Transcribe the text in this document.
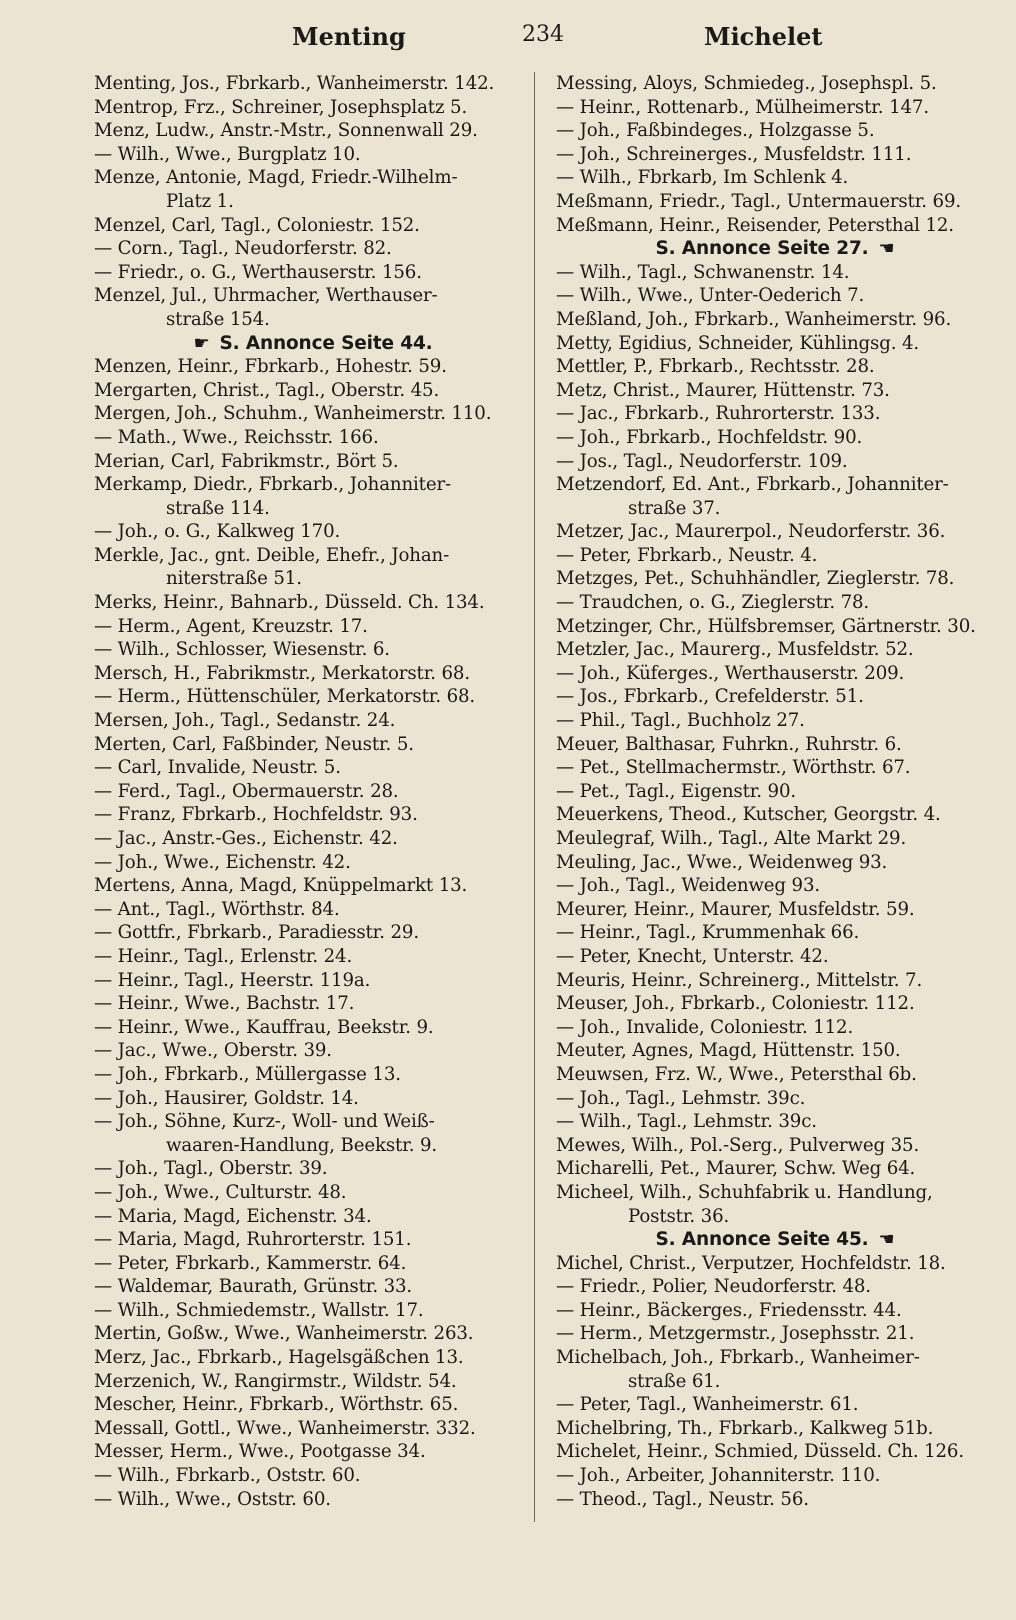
Menting	234	Michelet
Menting, Jos., Fbrkarb., Wanheimerstr. 142.
Mentrop, Frz., Schreiner, Josephsplatz 5.
Menz, Ludw., Anstr.-Mstr., Sonnenwall 29.
— Wilh., Wwe., Burgplatz 10.
Menze, Antonie, Magd, Friedr.-Wilhelm-
Platz 1.
Menzel, Carl, Tagl., Coloniestr. 152.
— Corn., Tagl., Neudorferstr. 82.
— Friedr., o. G., Werthauserstr. 156.
Menzel, Jul., Uhrmacher, Werthauser-
straße 154.
☛ S. Annonce Seite 44.
Menzen, Heinr., Fbrkarb., Hohestr. 59.
Mergarten, Christ., Tagl., Oberstr. 45.
Mergen, Joh., Schuhm., Wanheimerstr. 110.
— Math., Wwe., Reichsstr. 166.
Merian, Carl, Fabrikmstr., Bört 5.
Merkamp, Diedr., Fbrkarb., Johanniter-
straße 114.
— Joh., o. G., Kalkweg 170.
Merkle, Jac., gnt. Deible, Ehefr., Johan-
niterstraße 51.
Merks, Heinr., Bahnarb., Düsseld. Ch. 134.
— Herm., Agent, Kreuzstr. 17.
— Wilh., Schlosser, Wiesenstr. 6.
Mersch, H., Fabrikmstr., Merkatorstr. 68.
— Herm., Hüttenschüler, Merkatorstr. 68.
Mersen, Joh., Tagl., Sedanstr. 24.
Merten, Carl, Faßbinder, Neustr. 5.
— Carl, Invalide, Neustr. 5.
— Ferd., Tagl., Obermauerstr. 28.
— Franz, Fbrkarb., Hochfeldstr. 93.
— Jac., Anstr.-Ges., Eichenstr. 42.
— Joh., Wwe., Eichenstr. 42.
Mertens, Anna, Magd, Knüppelmarkt 13.
— Ant., Tagl., Wörthstr. 84.
— Gottfr., Fbrkarb., Paradiesstr. 29.
— Heinr., Tagl., Erlenstr. 24.
— Heinr., Tagl., Heerstr. 119a.
— Heinr., Wwe., Bachstr. 17.
— Heinr., Wwe., Kauffrau, Beekstr. 9.
— Jac., Wwe., Oberstr. 39.
— Joh., Fbrkarb., Müllergasse 13.
— Joh., Hausirer, Goldstr. 14.
— Joh., Söhne, Kurz-, Woll- und Weiß-
waaren-Handlung, Beekstr. 9.
— Joh., Tagl., Oberstr. 39.
— Joh., Wwe., Culturstr. 48.
— Maria, Magd, Eichenstr. 34.
— Maria, Magd, Ruhrorterstr. 151.
— Peter, Fbrkarb., Kammerstr. 64.
— Waldemar, Baurath, Grünstr. 33.
— Wilh., Schmiedemstr., Wallstr. 17.
Mertin, Goßw., Wwe., Wanheimerstr. 263.
Merz, Jac., Fbrkarb., Hagelsgäßchen 13.
Merzenich, W., Rangirmstr., Wildstr. 54.
Mescher, Heinr., Fbrkarb., Wörthstr. 65.
Messall, Gottl., Wwe., Wanheimerstr. 332.
Messer, Herm., Wwe., Pootgasse 34.
— Wilh., Fbrkarb., Oststr. 60.
— Wilh., Wwe., Oststr. 60.
Messing, Aloys, Schmiedeg., Josephspl. 5.
— Heinr., Rottenarb., Mülheimerstr. 147.
— Joh., Faßbindeges., Holzgasse 5.
— Joh., Schreinerges., Musfeldstr. 111.
— Wilh., Fbrkarb, Im Schlenk 4.
Meßmann, Friedr., Tagl., Untermauerstr. 69.
Meßmann, Heinr., Reisender, Petersthal 12.
S. Annonce Seite 27. ☚
— Wilh., Tagl., Schwanenstr. 14.
— Wilh., Wwe., Unter-Oederich 7.
Meßland, Joh., Fbrkarb., Wanheimerstr. 96.
Metty, Egidius, Schneider, Kühlingsg. 4.
Mettler, P., Fbrkarb., Rechtsstr. 28.
Metz, Christ., Maurer, Hüttenstr. 73.
— Jac., Fbrkarb., Ruhrorterstr. 133.
— Joh., Fbrkarb., Hochfeldstr. 90.
— Jos., Tagl., Neudorferstr. 109.
Metzendorf, Ed. Ant., Fbrkarb., Johanniter-
straße 37.
Metzer, Jac., Maurerpol., Neudorferstr. 36.
— Peter, Fbrkarb., Neustr. 4.
Metzges, Pet., Schuhhändler, Zieglerstr. 78.
— Traudchen, o. G., Zieglerstr. 78.
Metzinger, Chr., Hülfsbremser, Gärtnerstr. 30.
Metzler, Jac., Maurerg., Musfeldstr. 52.
— Joh., Küferges., Werthauserstr. 209.
— Jos., Fbrkarb., Crefelderstr. 51.
— Phil., Tagl., Buchholz 27.
Meuer, Balthasar, Fuhrkn., Ruhrstr. 6.
— Pet., Stellmachermstr., Wörthstr. 67.
— Pet., Tagl., Eigenstr. 90.
Meuerkens, Theod., Kutscher, Georgstr. 4.
Meulegraf, Wilh., Tagl., Alte Markt 29.
Meuling, Jac., Wwe., Weidenweg 93.
— Joh., Tagl., Weidenweg 93.
Meurer, Heinr., Maurer, Musfeldstr. 59.
— Heinr., Tagl., Krummenhak 66.
— Peter, Knecht, Unterstr. 42.
Meuris, Heinr., Schreinerg., Mittelstr. 7.
Meuser, Joh., Fbrkarb., Coloniestr. 112.
— Joh., Invalide, Coloniestr. 112.
Meuter, Agnes, Magd, Hüttenstr. 150.
Meuwsen, Frz. W., Wwe., Petersthal 6b.
— Joh., Tagl., Lehmstr. 39c.
— Wilh., Tagl., Lehmstr. 39c.
Mewes, Wilh., Pol.-Serg., Pulverweg 35.
Micharelli, Pet., Maurer, Schw. Weg 64.
Micheel, Wilh., Schuhfabrik u. Handlung,
Poststr. 36.
S. Annonce Seite 45. ☚
Michel, Christ., Verputzer, Hochfeldstr. 18.
— Friedr., Polier, Neudorferstr. 48.
— Heinr., Bäckerges., Friedensstr. 44.
— Herm., Metzgermstr., Josephsstr. 21.
Michelbach, Joh., Fbrkarb., Wanheimer-
straße 61.
— Peter, Tagl., Wanheimerstr. 61.
Michelbring, Th., Fbrkarb., Kalkweg 51b.
Michelet, Heinr., Schmied, Düsseld. Ch. 126.
— Joh., Arbeiter, Johanniterstr. 110.
— Theod., Tagl., Neustr. 56.
